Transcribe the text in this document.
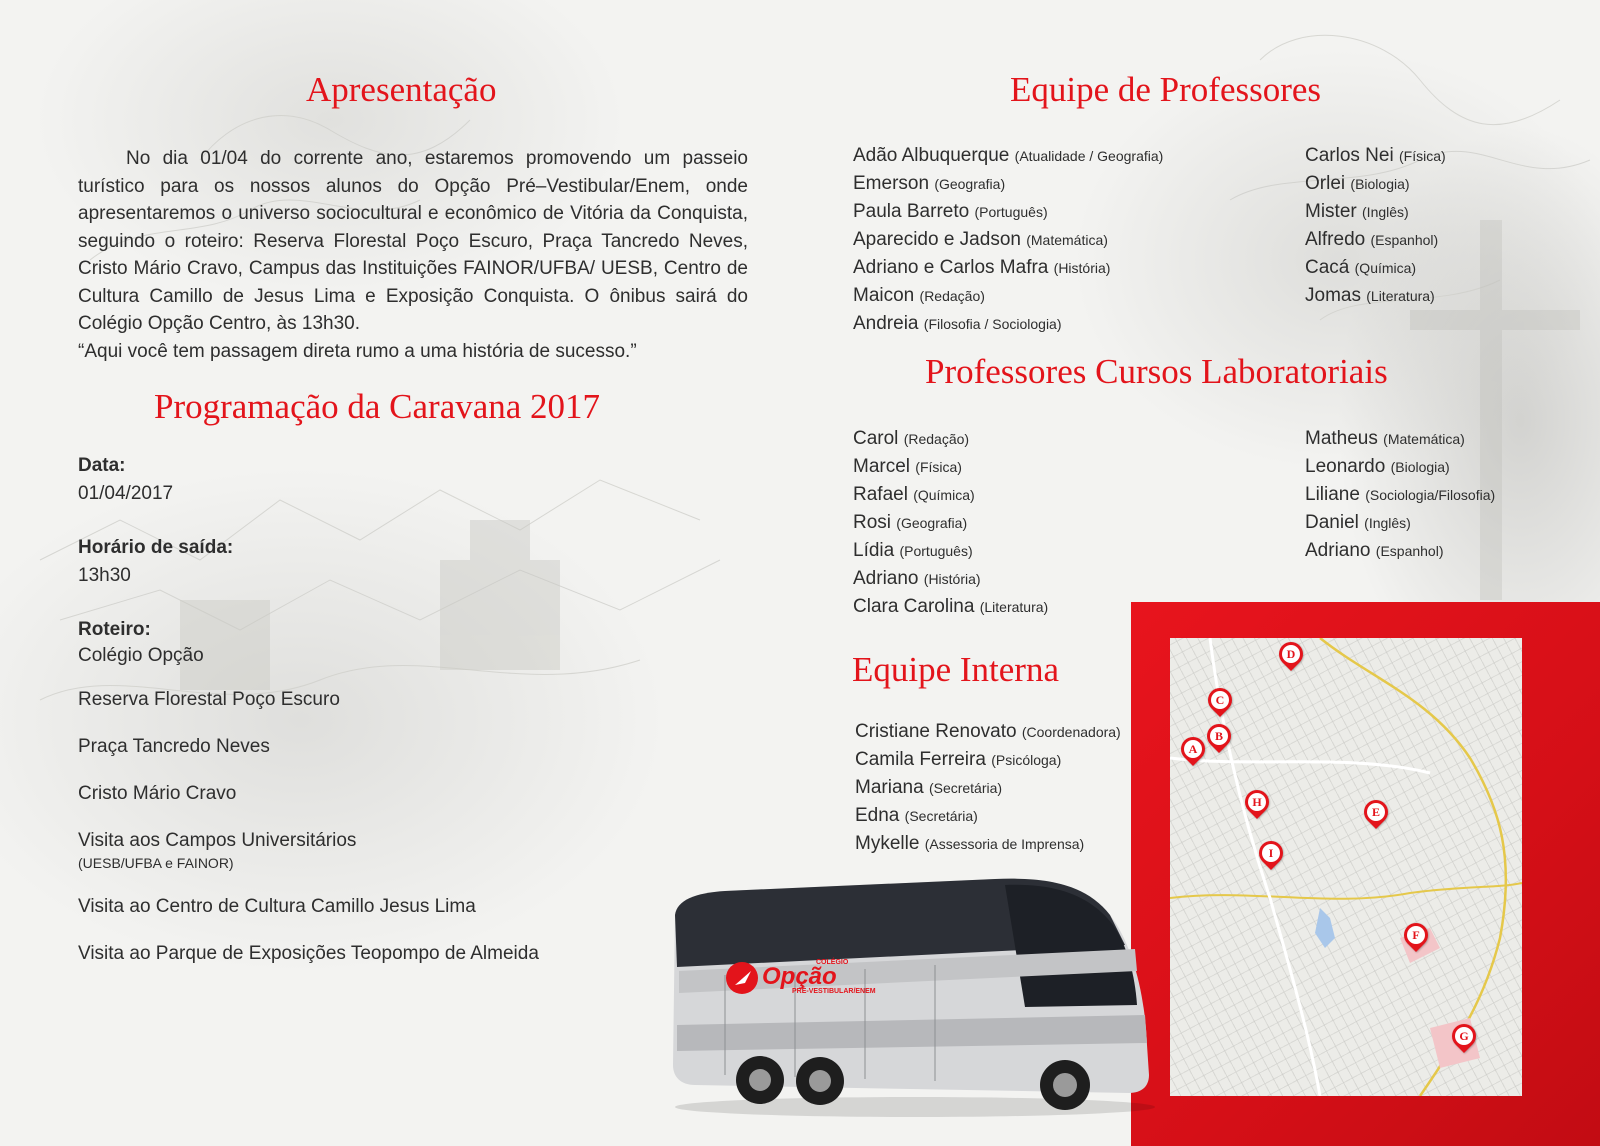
Apresentação

No dia 01/04 do corrente ano, estaremos promovendo um passeio turístico para os nossos alunos do Opção Pré–Vestibular/Enem, onde apresentaremos o universo sociocultural e econômico de Vitória da Conquista, seguindo o roteiro: Reserva Florestal Poço Escuro, Praça Tancredo Neves, Cristo Mário Cravo, Campus das Instituições FAINOR/UFBA/ UESB, Centro de Cultura Camillo de Jesus Lima e Exposição Conquista. O ônibus sairá do Colégio Opção Centro, às 13h30.

“Aqui você tem passagem direta rumo a uma história de sucesso.”

Programação da Caravana 2017
Data:
01/04/2017
Horário de saída:
13h30
Roteiro:
Colégio Opção
Reserva Florestal Poço Escuro
Praça Tancredo Neves
Cristo Mário Cravo
Visita aos Campos Universitários
(UESB/UFBA e FAINOR)
Visita ao Centro de Cultura Camillo Jesus Lima
Visita ao Parque de Exposições Teopompo de Almeida
Equipe de Professores
Adão Albuquerque (Atualidade / Geografia)
Emerson (Geografia)
Paula Barreto (Português)
Aparecido e Jadson (Matemática)
Adriano e Carlos Mafra (História)
Maicon (Redação)
Andreia (Filosofia / Sociologia)
Carlos Nei (Física)
Orlei (Biologia)
Mister (Inglês)
Alfredo (Espanhol)
Cacá (Química)
Jomas (Literatura)
Professores Cursos Laboratoriais
Carol (Redação)
Marcel (Física)
Rafael (Química)
Rosi (Geografia)
Lídia (Português)
Adriano (História)
Clara Carolina (Literatura)
Matheus (Matemática)
Leonardo (Biologia)
Liliane (Sociologia/Filosofia)
Daniel (Inglês)
Adriano (Espanhol)
Equipe Interna
Cristiane Renovato (Coordenadora)
Camila Ferreira (Psicóloga)
Mariana (Secretária)
Edna (Secretária)
Mykelle (Assessoria de Imprensa)
D
C
B
A
H
E
I
F
G
COLÉGIO
Opção
PRÉ-VESTIBULAR/ENEM
